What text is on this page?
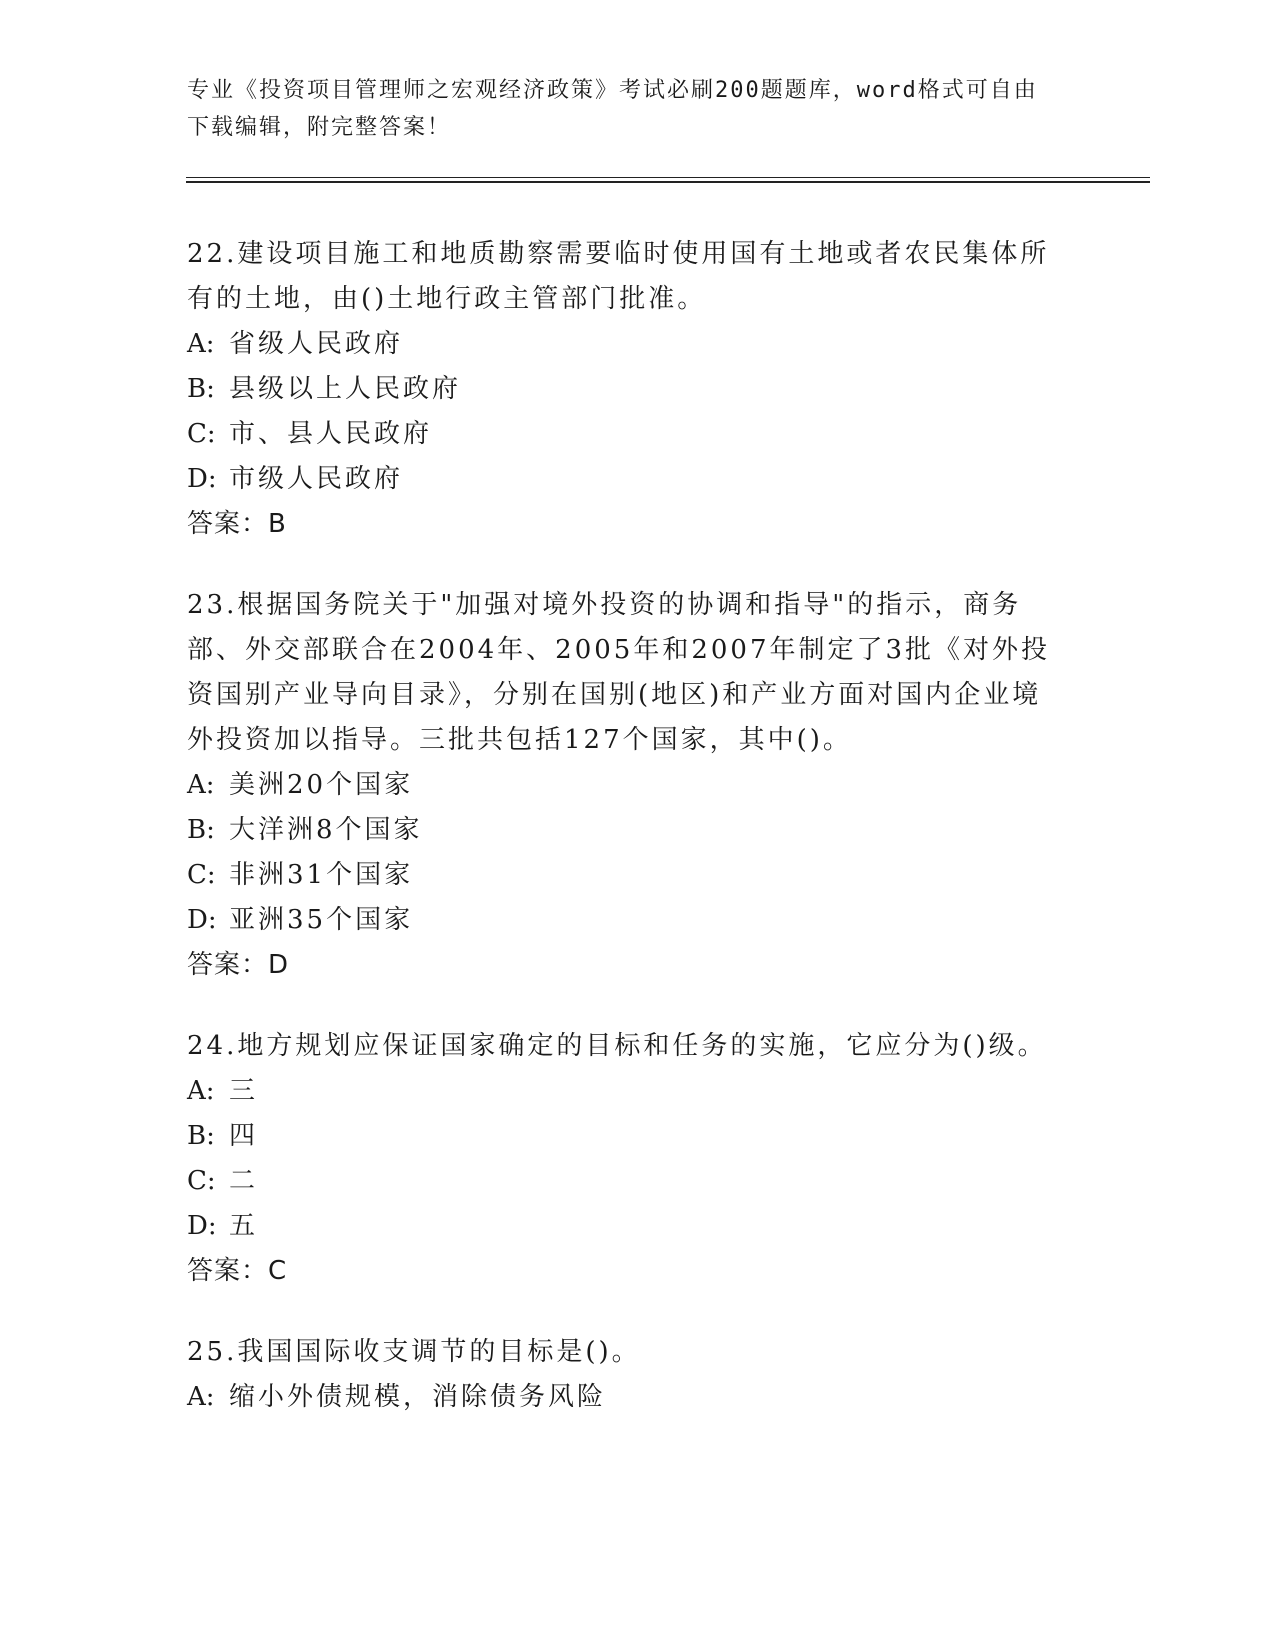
专业《投资项目管理师之宏观经济政策》考试必刷200题题库，word格式可自由
下载编辑，附完整答案！

22.建设项目施工和地质勘察需要临时使用国有土地或者农民集体所有的土地，由()土地行政主管部门批准。

A: 省级人民政府

B: 县级以上人民政府

C: 市、县人民政府

D: 市级人民政府

答案：B

23.根据国务院关于"加强对境外投资的协调和指导"的指示，商务部、外交部联合在2004年、2005年和2007年制定了3批《对外投资国别产业导向目录》，分别在国别(地区)和产业方面对国内企业境外投资加以指导。三批共包括127个国家，其中()。

A: 美洲20个国家

B: 大洋洲8个国家

C: 非洲31个国家

D: 亚洲35个国家

答案：D

24.地方规划应保证国家确定的目标和任务的实施，它应分为()级。

A: 三

B: 四

C: 二

D: 五

答案：C

25.我国国际收支调节的目标是()。

A: 缩小外债规模，消除债务风险
